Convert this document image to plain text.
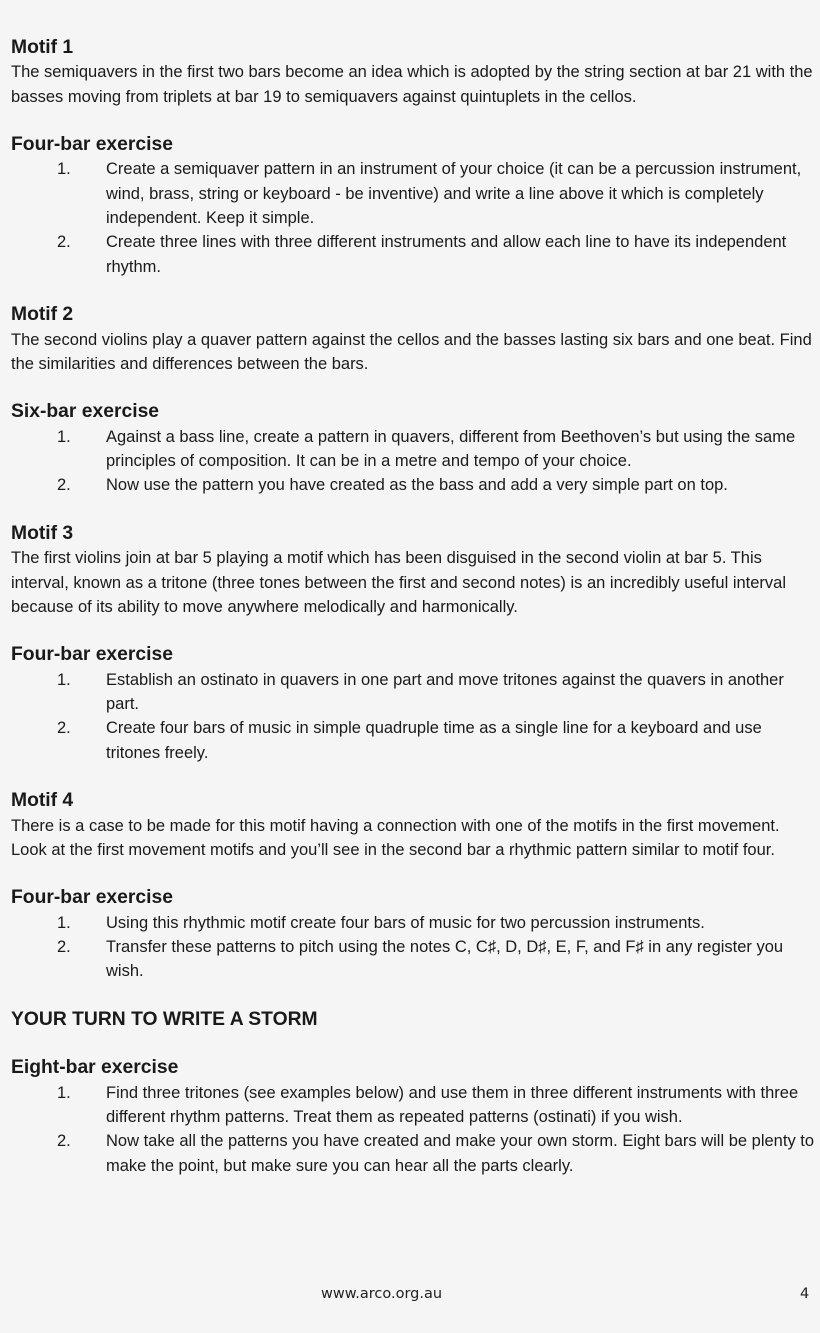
Motif 1

The semiquavers in the first two bars become an idea which is adopted by the string section at bar 21 with the basses moving from triplets at bar 19 to semiquavers against quintuplets in the cellos.

Four-bar exercise
1. Create a semiquaver pattern in an instrument of your choice (it can be a percussion instrument, wind, brass, string or keyboard - be inventive) and write a line above it which is completely independent. Keep it simple.
2. Create three lines with three different instruments and allow each line to have its independent rhythm.
Motif 2

The second violins play a quaver pattern against the cellos and the basses lasting six bars and one beat. Find the similarities and differences between the bars.

Six-bar exercise
1. Against a bass line, create a pattern in quavers, different from Beethoven’s but using the same principles of composition. It can be in a metre and tempo of your choice.
2. Now use the pattern you have created as the bass and add a very simple part on top.
Motif 3

The first violins join at bar 5 playing a motif which has been disguised in the second violin at bar 5. This interval, known as a tritone (three tones between the first and second notes) is an incredibly useful interval because of its ability to move anywhere melodically and harmonically.

Four-bar exercise
1. Establish an ostinato in quavers in one part and move tritones against the quavers in another part.
2. Create four bars of music in simple quadruple time as a single line for a keyboard and use tritones freely.
Motif 4

There is a case to be made for this motif having a connection with one of the motifs in the first movement. Look at the first movement motifs and you’ll see in the second bar a rhythmic pattern similar to motif four.

Four-bar exercise
1. Using this rhythmic motif create four bars of music for two percussion instruments.
2. Transfer these patterns to pitch using the notes C, C♯, D, D♯, E, F, and F♯ in any register you wish.
YOUR TURN TO WRITE A STORM
Eight-bar exercise
1. Find three tritones (see examples below) and use them in three different instruments with three different rhythm patterns. Treat them as repeated patterns (ostinati) if you wish.
2. Now take all the patterns you have created and make your own storm. Eight bars will be plenty to make the point, but make sure you can hear all the parts clearly.
www.arco.org.au	4
